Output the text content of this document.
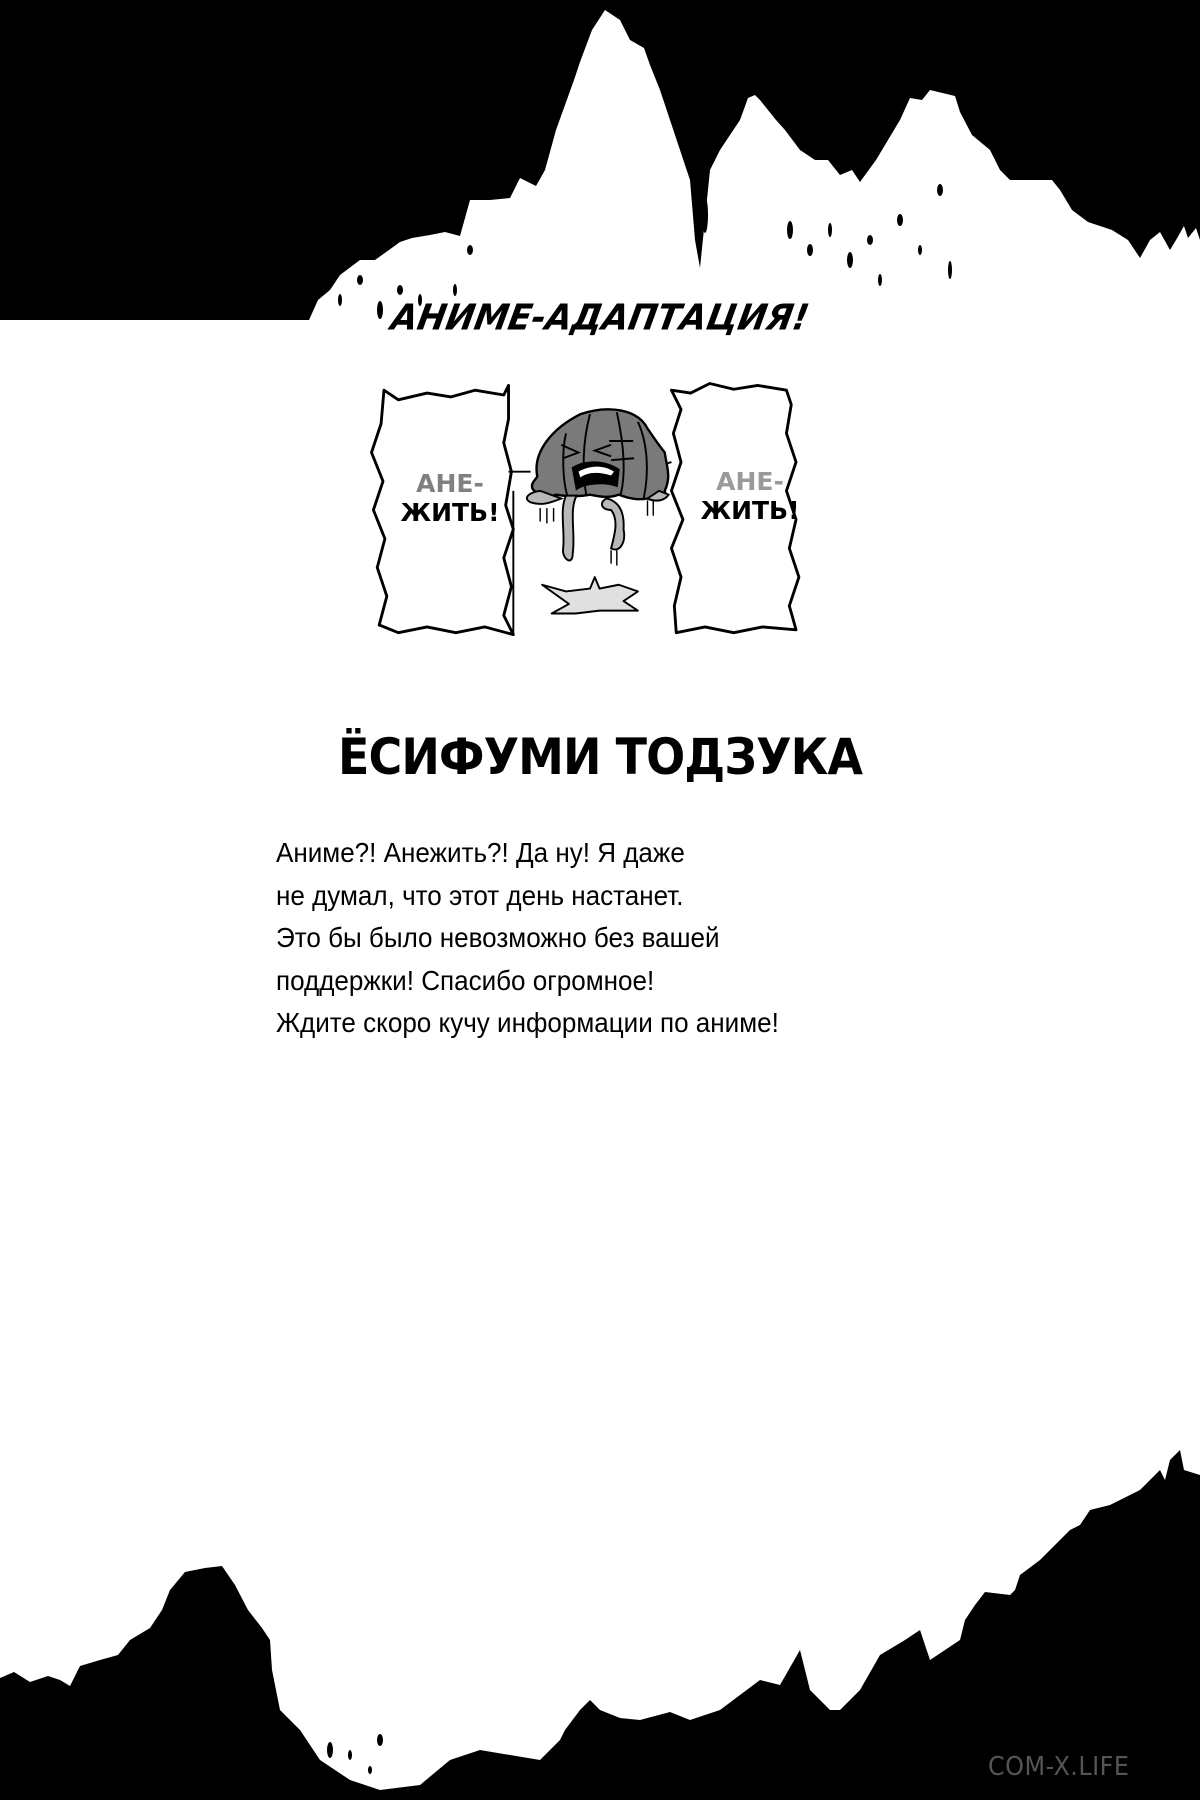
АНИМЕ-АДАПТАЦИЯ!
АНЕ-
ЖИТЬ!
АНЕ-
ЖИТЬ!
ЁСИФУМИ ТОДЗУКА
Аниме?! Анежить?! Да ну! Я даже
не думал, что этот день настанет.
Это бы было невозможно без вашей
поддержки! Спасибо огромное!
Ждите скоро кучу информации по аниме!
COM-X.LIFE
